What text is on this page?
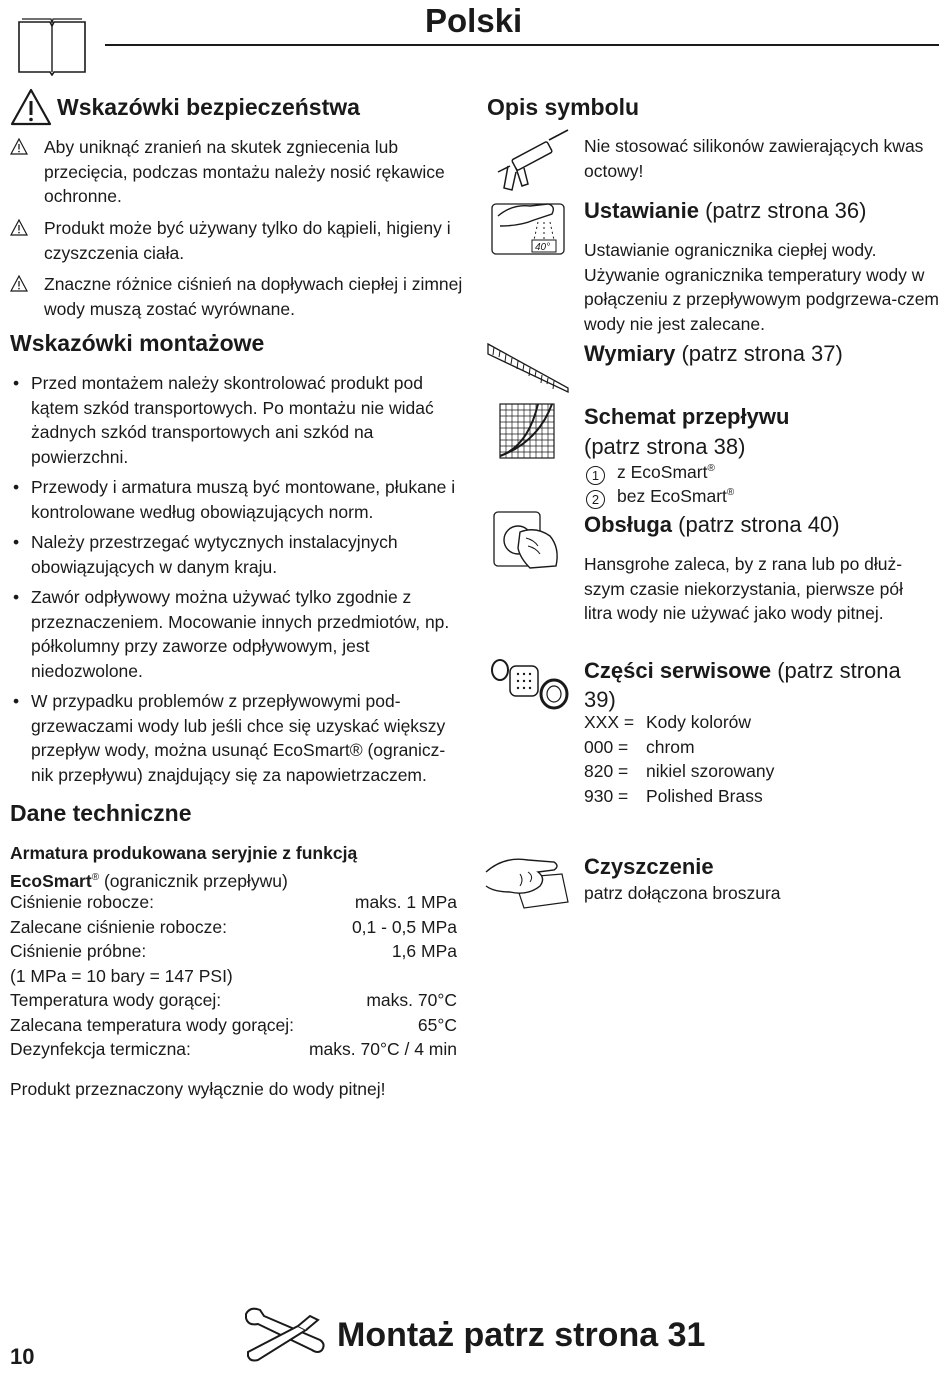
Polski
Wskazówki bezpieczeństwa
Aby uniknąć zranień na skutek zgniecenia lub przecięcia, podczas montażu należy nosić rękawice ochronne.
Produkt może być używany tylko do kąpieli, higieny i czyszczenia ciała.
Znaczne różnice ciśnień na dopływach ciepłej i zimnej wody muszą zostać wyrównane.
Wskazówki montażowe
• Przed montażem należy skontrolować produkt pod kątem szkód transportowych. Po montażu nie widać żadnych szkód transportowych ani szkód na powierzchni.
• Przewody i armatura muszą być montowane, płukane i kontrolowane według obowiązujących norm.
• Należy przestrzegać wytycznych instalacyjnych obowiązujących w danym kraju.
• Zawór odpływowy można używać tylko zgodnie z przeznaczeniem. Mocowanie innych przedmiotów, np. półkolumny przy zaworze odpływowym, jest niedozwolone.
• W przypadku problemów z przepływowymi pod-grzewaczami wody lub jeśli chce się uzyskać większy przepływ wody, można usunąć EcoSmart® (ogranicz-nik przepływu) znajdujący się za napowietrzaczem.
Dane techniczne
Armatura produkowana seryjnie z funkcją
EcoSmart® (ogranicznik przepływu)
Ciśnienie robocze:	maks. 1 MPa
Zalecane ciśnienie robocze:	0,1 - 0,5 MPa
Ciśnienie próbne:	1,6 MPa
(1 MPa = 10 bary = 147 PSI)
Temperatura wody gorącej:	maks. 70°C
Zalecana temperatura wody gorącej:	65°C
Dezynfekcja termiczna:	maks. 70°C / 4 min
Produkt przeznaczony wyłącznie do wody pitnej!
Opis symbolu
Nie stosować silikonów zawierających kwas octowy!
40°
Ustawianie (patrz strona 36)
Ustawianie ogranicznika ciepłej wody. Używanie ogranicznika temperatury wody w połączeniu z przepływowym podgrzewa-czem wody nie jest zalecane.
Wymiary (patrz strona 37)
Schemat przepływu
(patrz strona 38)
1 z EcoSmart®
2 bez EcoSmart®
Obsługa (patrz strona 40)
Hansgrohe zaleca, by z rana lub po dłuż-szym czasie niekorzystania, pierwsze pół litra wody nie używać jako wody pitnej.
Części serwisowe (patrz strona
39)
XXX = Kody kolorów
000 =	chrom
820 =	nikiel szorowany
930 =	Polished Brass
Czyszczenie
patrz dołączona broszura
10
Montaż patrz strona 31
